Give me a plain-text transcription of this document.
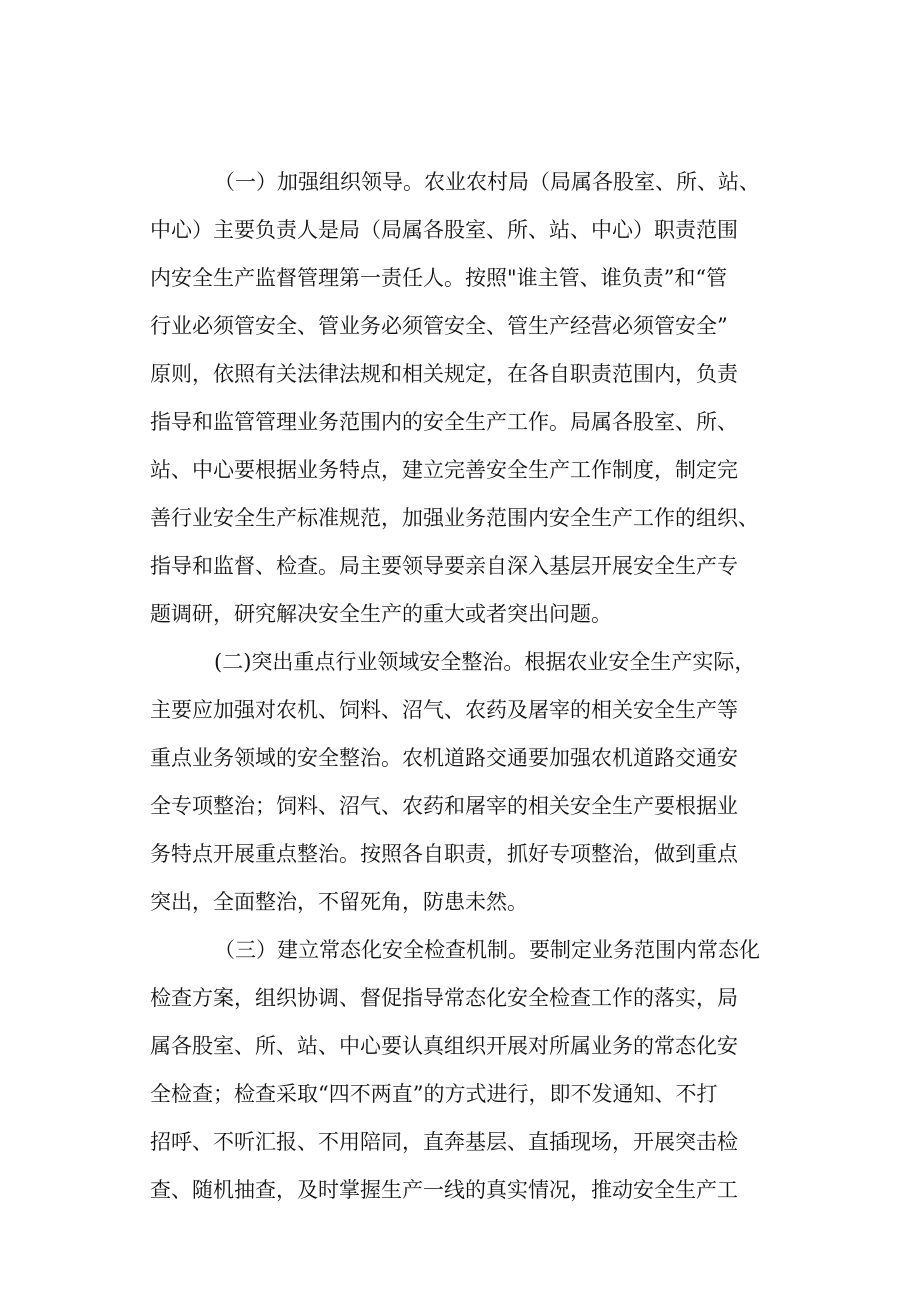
（一）加强组织领导。农业农村局（局属各股室、所、站、
中心）主要负责人是局（局属各股室、所、站、中心）职责范围
内安全生产监督管理第一责任人。按照"谁主管、谁负责”和“管
行业必须管安全、管业务必须管安全、管生产经营必须管安全”
原则，依照有关法律法规和相关规定，在各自职责范围内，负责
指导和监管管理业务范围内的安全生产工作。局属各股室、所、
站、中心要根据业务特点，建立完善安全生产工作制度，制定完
善行业安全生产标准规范，加强业务范围内安全生产工作的组织、
指导和监督、检查。局主要领导要亲自深入基层开展安全生产专
题调研，研究解决安全生产的重大或者突出问题。
(二)突出重点行业领域安全整治。根据农业安全生产实际，
主要应加强对农机、饲料、沼气、农药及屠宰的相关安全生产等
重点业务领域的安全整治。农机道路交通要加强农机道路交通安
全专项整治；饲料、沼气、农药和屠宰的相关安全生产要根据业
务特点开展重点整治。按照各自职责，抓好专项整治，做到重点
突出，全面整治，不留死角，防患未然。
（三）建立常态化安全检查机制。要制定业务范围内常态化
检查方案，组织协调、督促指导常态化安全检查工作的落实，局
属各股室、所、站、中心要认真组织开展对所属业务的常态化安
全检查；检查采取“四不两直”的方式进行，即不发通知、不打
招呼、不听汇报、不用陪同，直奔基层、直插现场，开展突击检
查、随机抽查，及时掌握生产一线的真实情况，推动安全生产工
